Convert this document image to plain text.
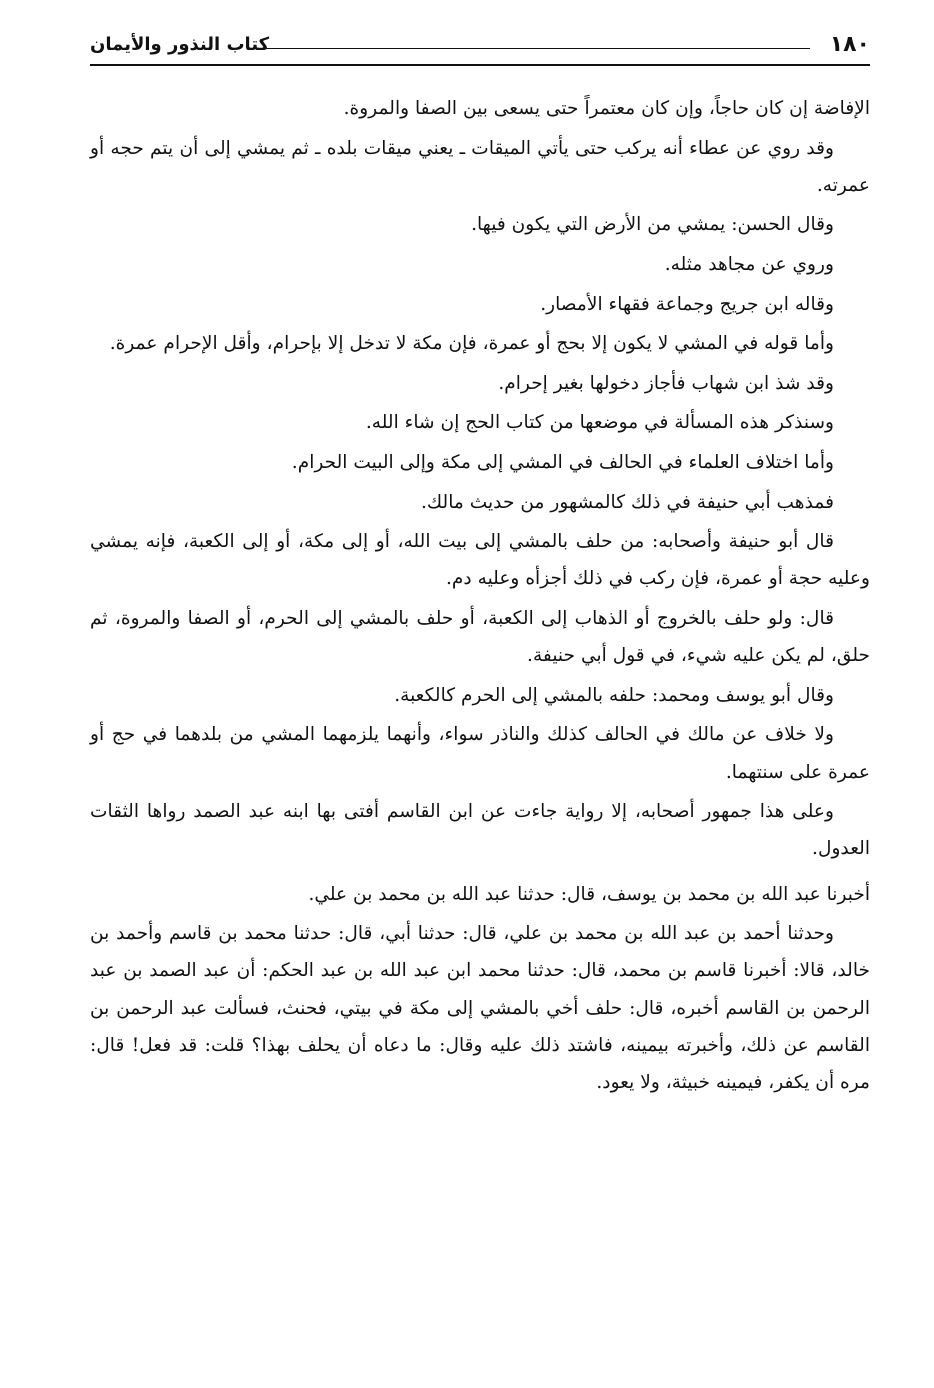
١٨٠
كتاب النذور والأيمان

الإفاضة إن كان حاجاً، وإن كان معتمراً حتى يسعى بين الصفا والمروة.

وقد روي عن عطاء أنه يركب حتى يأتي الميقات ـ يعني ميقات بلده ـ ثم يمشي إلى أن يتم حجه أو عمرته.

وقال الحسن: يمشي من الأرض التي يكون فيها.

وروي عن مجاهد مثله.

وقاله ابن جريج وجماعة فقهاء الأمصار.

وأما قوله في المشي لا يكون إلا بحج أو عمرة، فإن مكة لا تدخل إلا بإحرام، وأقل الإحرام عمرة.

وقد شذ ابن شهاب فأجاز دخولها بغير إحرام.

وسنذكر هذه المسألة في موضعها من كتاب الحج إن شاء الله.

وأما اختلاف العلماء في الحالف في المشي إلى مكة وإلى البيت الحرام.

فمذهب أبي حنيفة في ذلك كالمشهور من حديث مالك.

قال أبو حنيفة وأصحابه: من حلف بالمشي إلى بيت الله، أو إلى مكة، أو إلى الكعبة، فإنه يمشي وعليه حجة أو عمرة، فإن ركب في ذلك أجزأه وعليه دم.

قال: ولو حلف بالخروج أو الذهاب إلى الكعبة، أو حلف بالمشي إلى الحرم، أو الصفا والمروة، ثم حلق، لم يكن عليه شيء، في قول أبي حنيفة.

وقال أبو يوسف ومحمد: حلفه بالمشي إلى الحرم كالكعبة.

ولا خلاف عن مالك في الحالف كذلك والناذر سواء، وأنهما يلزمهما المشي من بلدهما في حج أو عمرة على سنتهما.

وعلى هذا جمهور أصحابه، إلا رواية جاءت عن ابن القاسم أفتى بها ابنه عبد الصمد رواها الثقات العدول.

أخبرنا عبد الله بن محمد بن يوسف، قال: حدثنا عبد الله بن محمد بن علي.

وحدثنا أحمد بن عبد الله بن محمد بن علي، قال: حدثنا أبي، قال: حدثنا محمد بن قاسم وأحمد بن خالد، قالا: أخبرنا قاسم بن محمد، قال: حدثنا محمد ابن عبد الله بن عبد الحكم: أن عبد الصمد بن عبد الرحمن بن القاسم أخبره، قال: حلف أخي بالمشي إلى مكة في بيتي، فحنث، فسألت عبد الرحمن بن القاسم عن ذلك، وأخبرته بيمينه، فاشتد ذلك عليه وقال: ما دعاه أن يحلف بهذا؟ قلت: قد فعل! قال: مره أن يكفر، فيمينه خبيثة، ولا يعود.
